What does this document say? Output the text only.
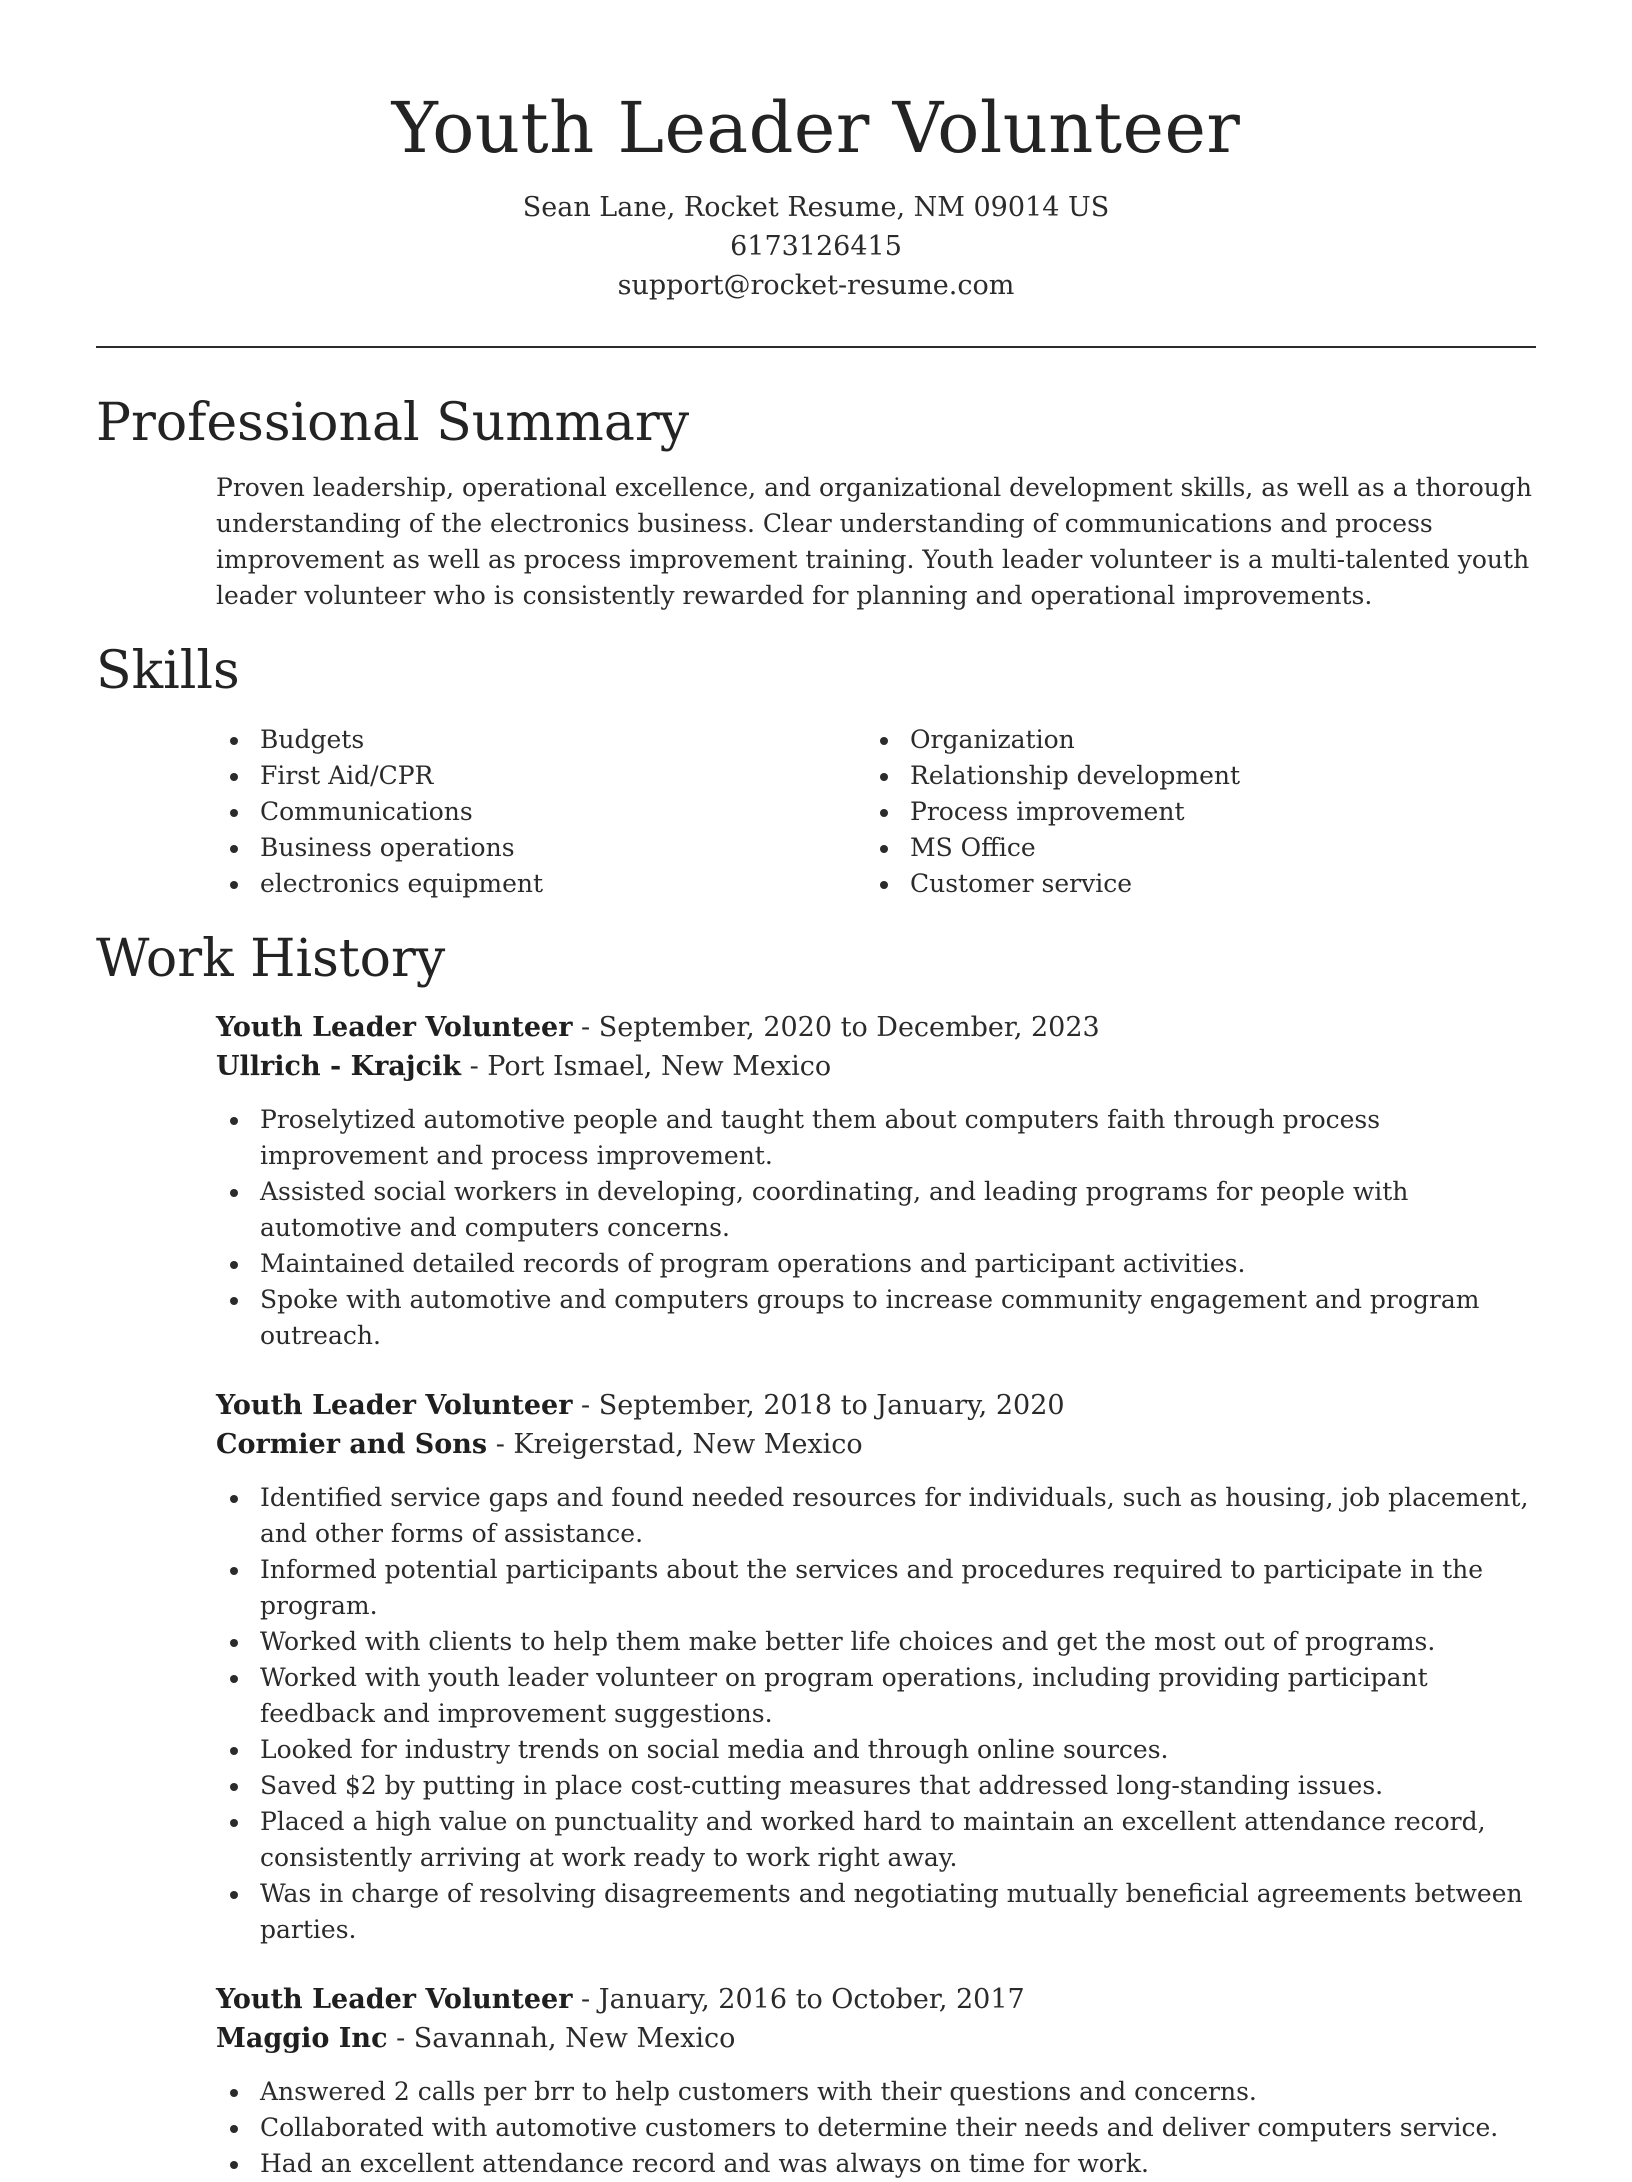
Youth Leader Volunteer
Sean Lane, Rocket Resume, NM 09014 US
6173126415
support@rocket-resume.com
Professional Summary

Proven leadership, operational excellence, and organizational development skills, as well as a thorough understanding of the electronics business. Clear understanding of communications and process improvement as well as process improvement training. Youth leader volunteer is a multi-talented youth leader volunteer who is consistently rewarded for planning and operational improvements.

Skills
Budgets
First Aid/CPR
Communications
Business operations
electronics equipment
Organization
Relationship development
Process improvement
MS Office
Customer service
Work History
Youth Leader Volunteer - September, 2020 to December, 2023
Ullrich - Krajcik - Port Ismael, New Mexico
Proselytized automotive people and taught them about computers faith through process improvement and process improvement.
Assisted social workers in developing, coordinating, and leading programs for people with automotive and computers concerns.
Maintained detailed records of program operations and participant activities.
Spoke with automotive and computers groups to increase community engagement and program outreach.
Youth Leader Volunteer - September, 2018 to January, 2020
Cormier and Sons - Kreigerstad, New Mexico
Identified service gaps and found needed resources for individuals, such as housing, job placement, and other forms of assistance.
Informed potential participants about the services and procedures required to participate in the program.
Worked with clients to help them make better life choices and get the most out of programs.
Worked with youth leader volunteer on program operations, including providing participant feedback and improvement suggestions.
Looked for industry trends on social media and through online sources.
Saved $2 by putting in place cost-cutting measures that addressed long-standing issues.
Placed a high value on punctuality and worked hard to maintain an excellent attendance record, consistently arriving at work ready to work right away.
Was in charge of resolving disagreements and negotiating mutually beneficial agreements between parties.
Youth Leader Volunteer - January, 2016 to October, 2017
Maggio Inc - Savannah, New Mexico
Answered 2 calls per brr to help customers with their questions and concerns.
Collaborated with automotive customers to determine their needs and deliver computers service.
Had an excellent attendance record and was always on time for work.
